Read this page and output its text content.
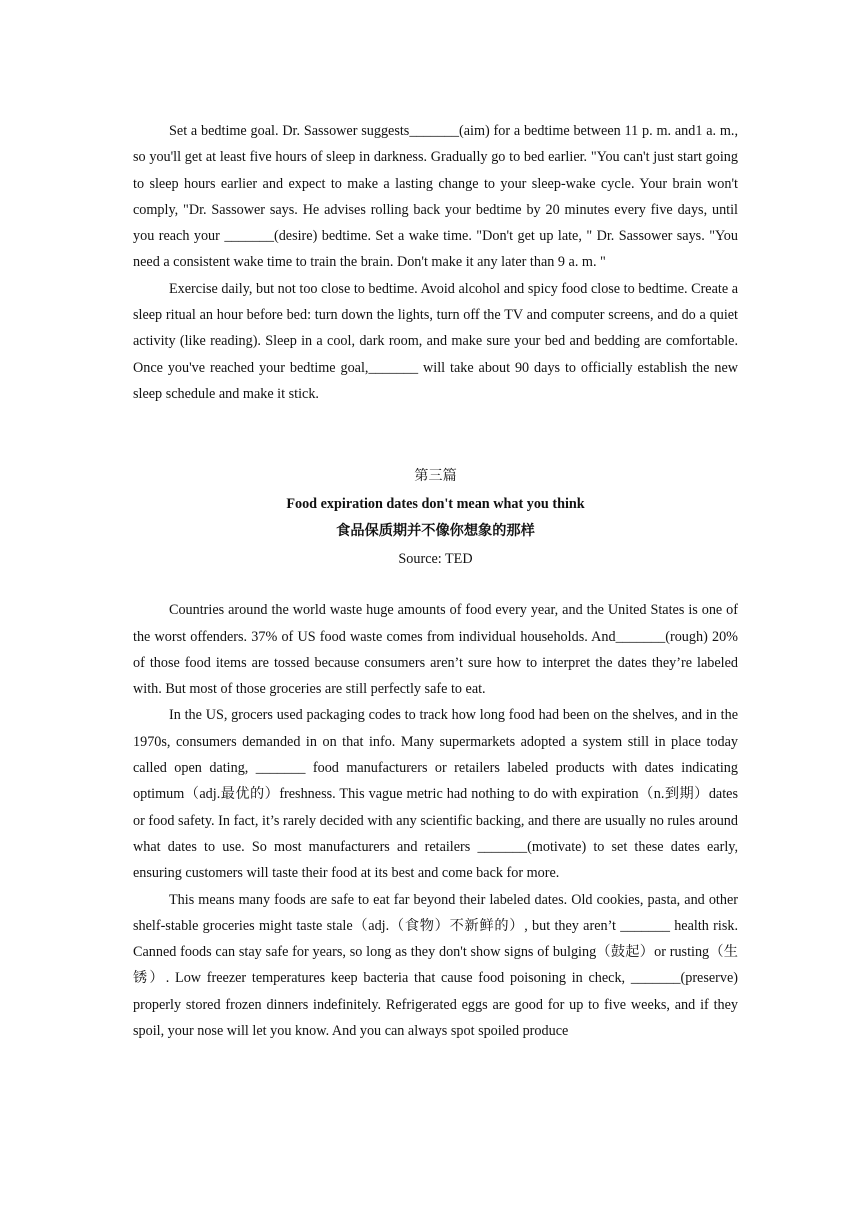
Set a bedtime goal. Dr. Sassower suggests_______(aim) for a bedtime between 11 p. m. and1 a. m., so you'll get at least five hours of sleep in darkness. Gradually go to bed earlier. "You can't just start going to sleep hours earlier and expect to make a lasting change to your sleep-wake cycle. Your brain won't comply, "Dr. Sassower says. He advises rolling back your bedtime by 20 minutes every five days, until you reach your _______(desire) bedtime. Set a wake time. "Don't get up late, " Dr. Sassower says. "You need a consistent wake time to train the brain. Don't make it any later than 9 a. m. "

Exercise daily, but not too close to bedtime. Avoid alcohol and spicy food close to bedtime. Create a sleep ritual an hour before bed: turn down the lights, turn off the TV and computer screens, and do a quiet activity (like reading). Sleep in a cool, dark room, and make sure your bed and bedding are comfortable. Once you've reached your bedtime goal,_______ will take about 90 days to officially establish the new sleep schedule and make it stick.

第三篇

Food expiration dates don't mean what you think

食品保质期并不像你想象的那样

Source: TED

Countries around the world waste huge amounts of food every year, and the United States is one of the worst offenders. 37% of US food waste comes from individual households. And_______(rough) 20% of those food items are tossed because consumers aren’t sure how to interpret the dates they’re labeled with. But most of those groceries are still perfectly safe to eat.

In the US, grocers used packaging codes to track how long food had been on the shelves, and in the 1970s, consumers demanded in on that info. Many supermarkets adopted a system still in place today called open dating, _______ food manufacturers or retailers labeled products with dates indicating optimum（adj.最优的）freshness. This vague metric had nothing to do with expiration（n.到期）dates or food safety. In fact, it’s rarely decided with any scientific backing, and there are usually no rules around what dates to use. So most manufacturers and retailers _______(motivate) to set these dates early, ensuring customers will taste their food at its best and come back for more.

This means many foods are safe to eat far beyond their labeled dates. Old cookies, pasta, and other shelf-stable groceries might taste stale（adj.（食物）不新鲜的）, but they aren’t _______ health risk. Canned foods can stay safe for years, so long as they don't show signs of bulging（鼓起）or rusting（生锈）. Low freezer temperatures keep bacteria that cause food poisoning in check, _______(preserve) properly stored frozen dinners indefinitely. Refrigerated eggs are good for up to five weeks, and if they spoil, your nose will let you know. And you can always spot spoiled produce
